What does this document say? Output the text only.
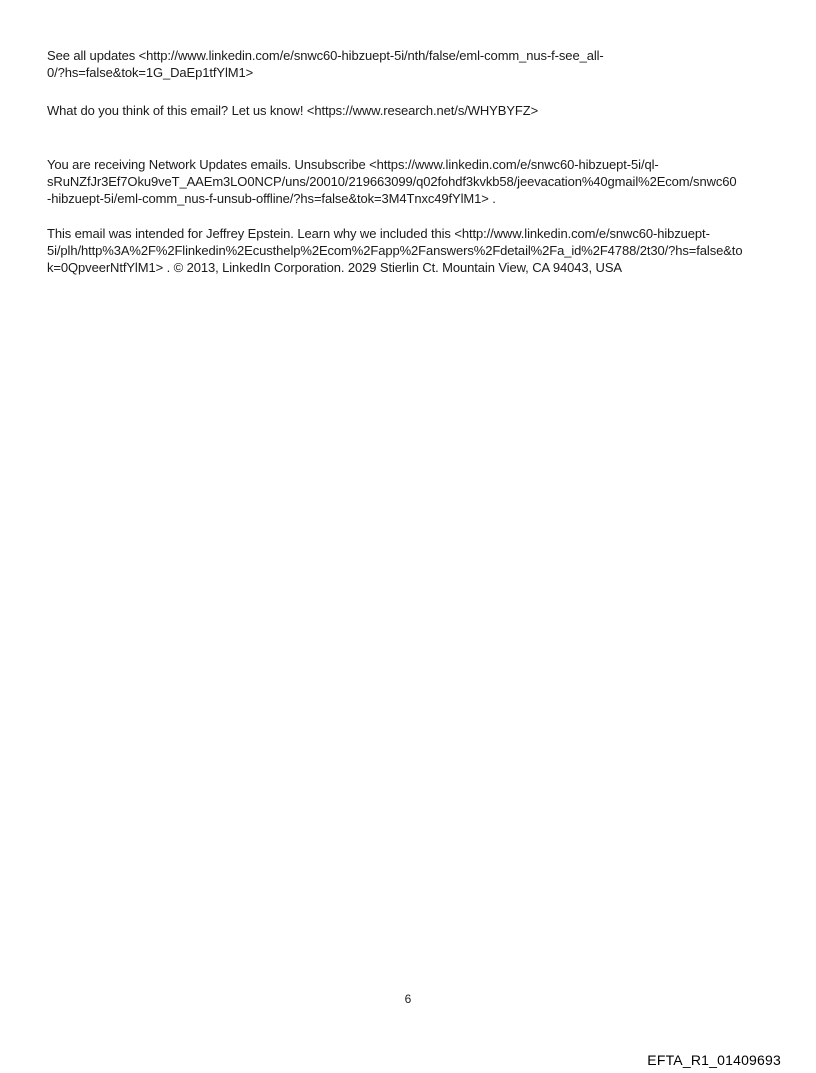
See all updates <http://www.linkedin.com/e/snwc60-hibzuept-5i/nth/false/eml-comm_nus-f-see_all-
0/?hs=false&tok=1G_DaEp1tfYlM1>

What do you think of this email? Let us know! <https://www.research.net/s/WHYBYFZ>

You are receiving Network Updates emails. Unsubscribe <https://www.linkedin.com/e/snwc60-hibzuept-5i/ql-
sRuNZfJr3Ef7Oku9veT_AAEm3LO0NCP/uns/20010/219663099/q02fohdf3kvkb58/jeevacation%40gmail%2Ecom/snwc60
-hibzuept-5i/eml-comm_nus-f-unsub-offline/?hs=false&tok=3M4Tnxc49fYlM1> .

This email was intended for Jeffrey Epstein. Learn why we included this <http://www.linkedin.com/e/snwc60-hibzuept-
5i/plh/http%3A%2F%2Flinkedin%2Ecusthelp%2Ecom%2Fapp%2Fanswers%2Fdetail%2Fa_id%2F4788/2t30/?hs=false&to
k=0QpveerNtfYlM1> . © 2013, LinkedIn Corporation. 2029 Stierlin Ct. Mountain View, CA 94043, USA

6
EFTA_R1_01409693
